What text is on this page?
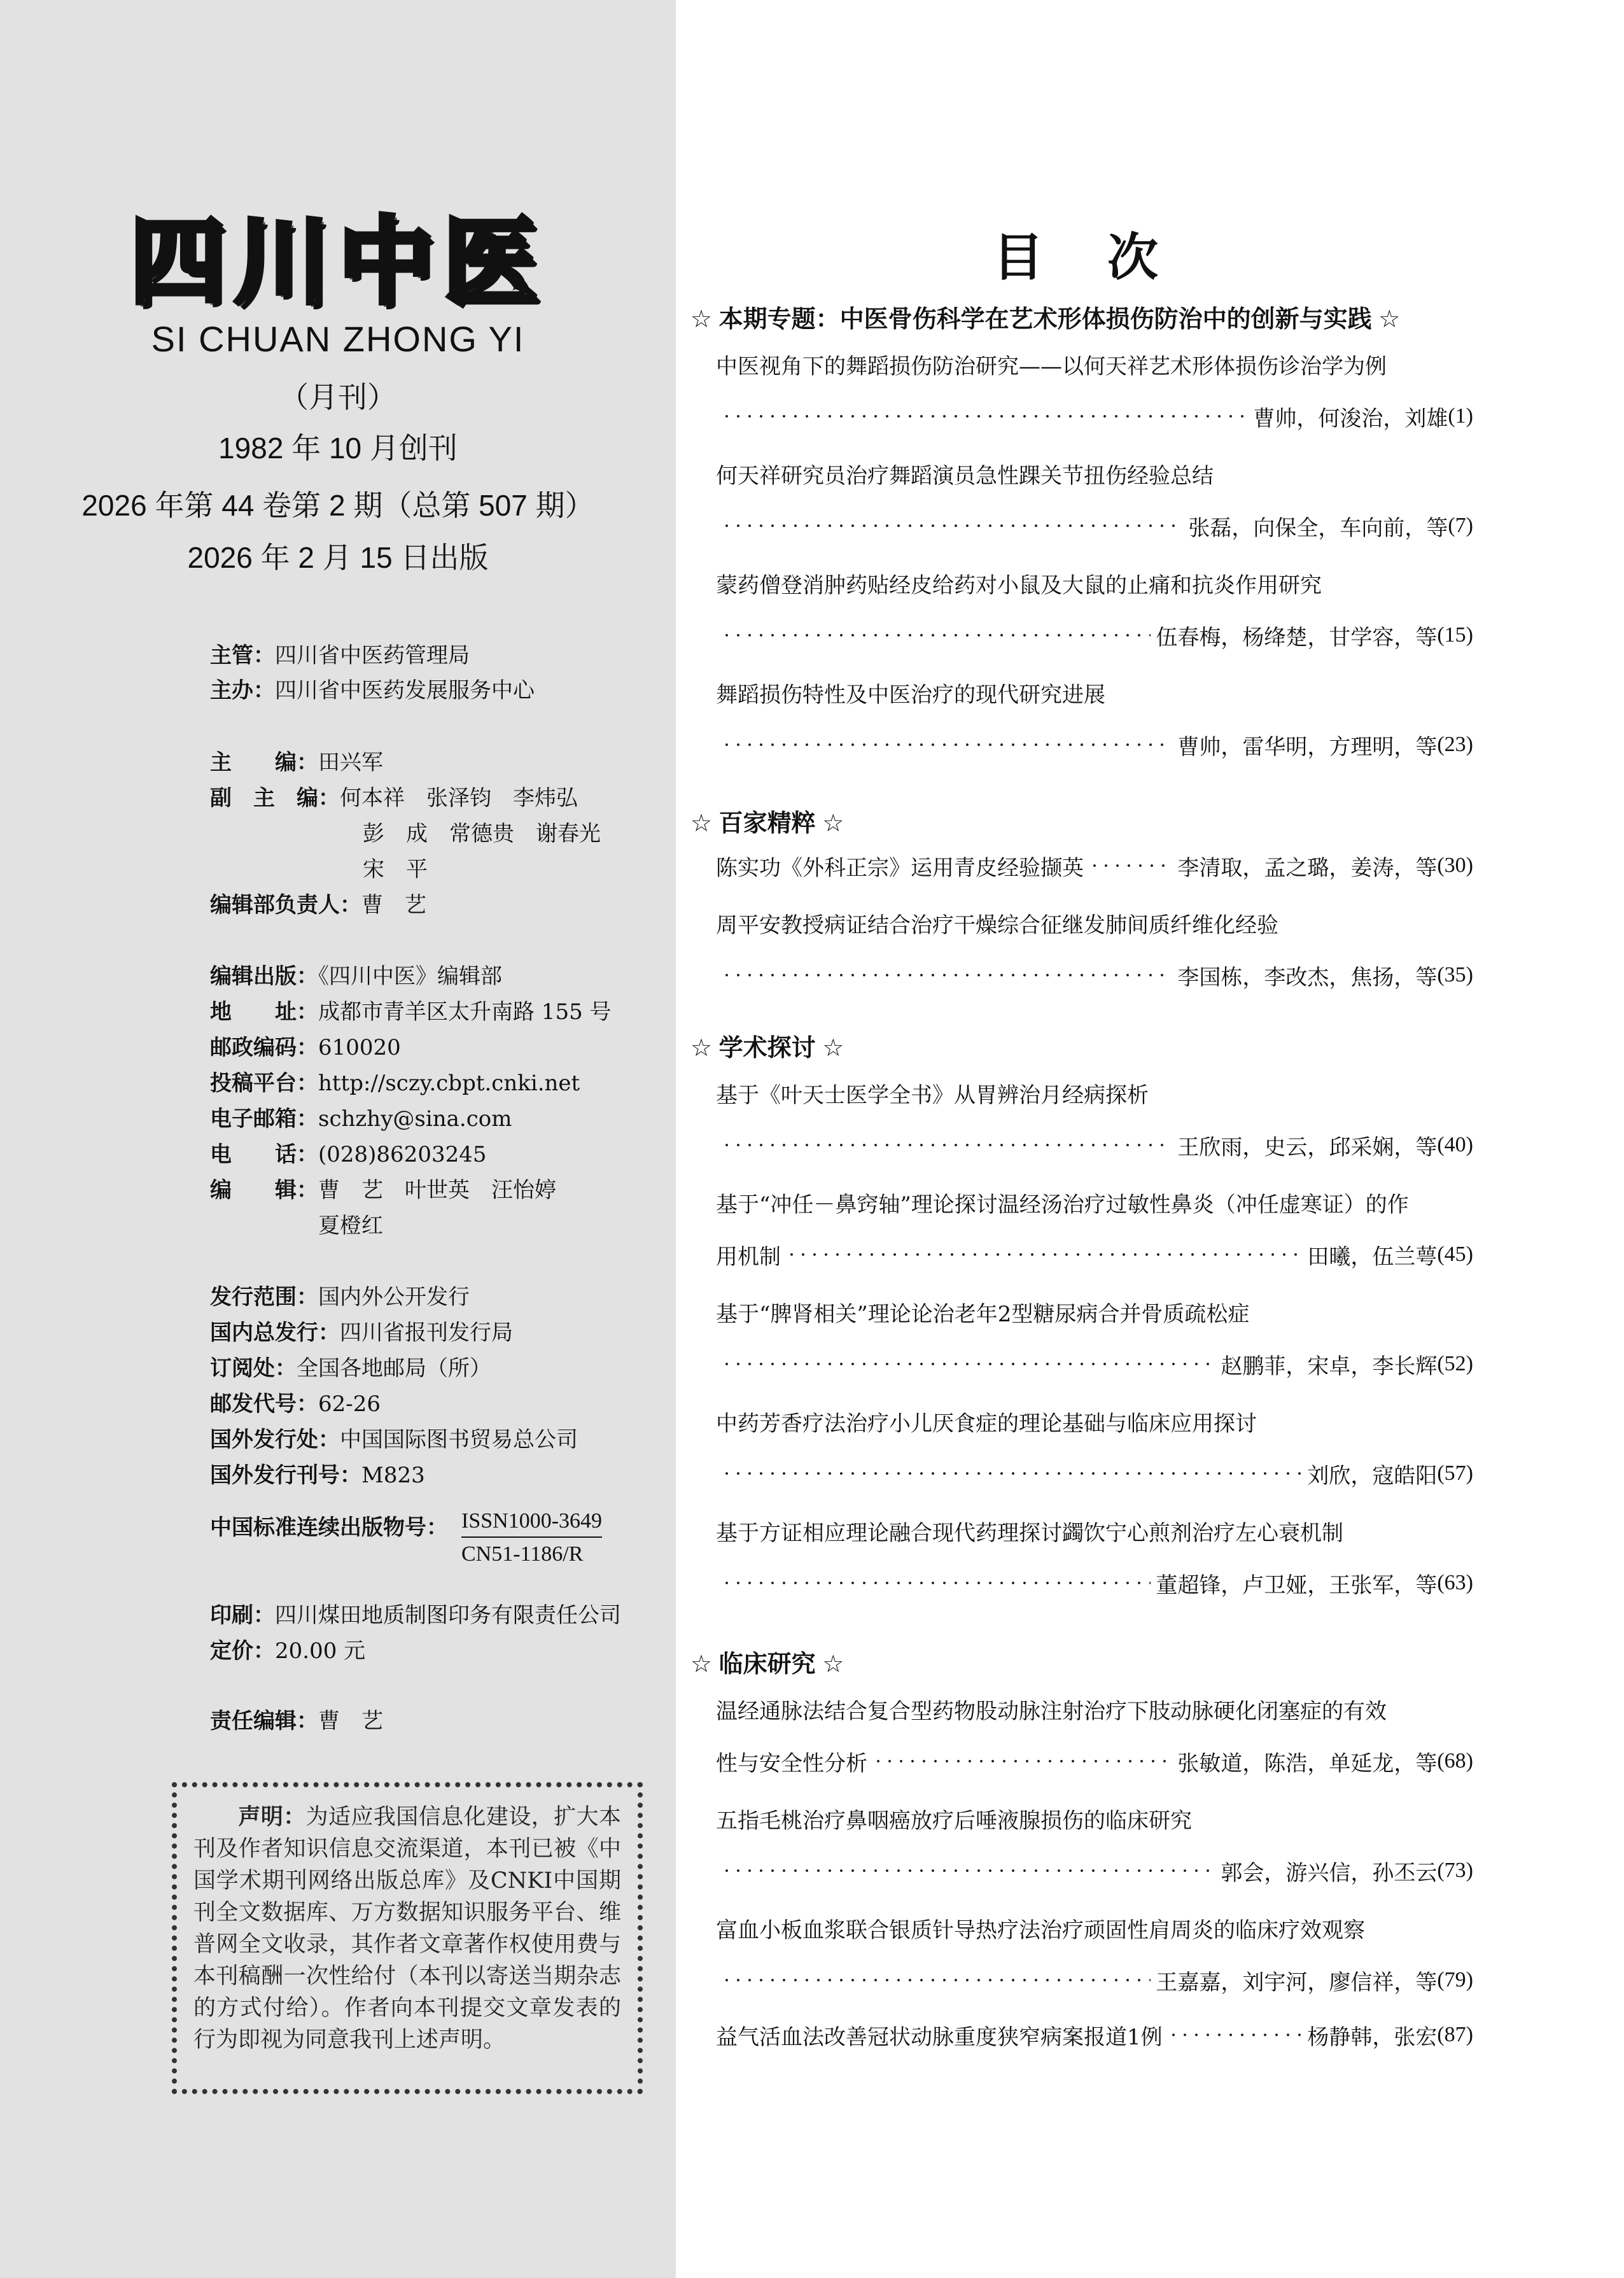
四川中医
SI CHUAN ZHONG YI
（月刊）
1982 年 10 月创刊
2026 年第 44 卷第 2 期（总第 507 期）
2026 年 2 月 15 日出版
主管：四川省中医药管理局
主办：四川省中医药发展服务中心
主　　编：田兴军
副　主　编：何本祥　张泽钧　李炜弘
彭　成　常德贵　谢春光
宋　平
编辑部负责人：曹　艺
编辑出版：《四川中医》编辑部
地　　址：成都市青羊区太升南路 155 号
邮政编码：610020
投稿平台：http://sczy.cbpt.cnki.net
电子邮箱：schzhy@sina.com
电　　话：(028)86203245
编　　辑：曹　艺　叶世英　汪怡婷
夏橙红
发行范围：国内外公开发行
国内总发行：四川省报刊发行局
订阅处：全国各地邮局（所）
邮发代号：62-26
国外发行处：中国国际图书贸易总公司
国外发行刊号：M823
中国标准连续出版物号： ISSN1000-3649
CN51-1186/R
印刷：四川煤田地质制图印务有限责任公司
定价：20.00 元
责任编辑：曹　艺
声明：为适应我国信息化建设，扩大本刊及作者知识信息交流渠道，本刊已被《中国学术期刊网络出版总库》及CNKI中国期刊全文数据库、万方数据知识服务平台、维普网全文收录，其作者文章著作权使用费与本刊稿酬一次性给付（本刊以寄送当期杂志的方式付给）。作者向本刊提交文章发表的行为即视为同意我刊上述声明。
目次
☆ 本期专题：中医骨伤科学在艺术形体损伤防治中的创新与实践 ☆
中医视角下的舞蹈损伤防治研究——以何天祥艺术形体损伤诊治学为例
曹帅，何浚治，刘雄 (1)
何天祥研究员治疗舞蹈演员急性踝关节扭伤经验总结
张磊，向保全，车向前，等 (7)
蒙药僧登消肿药贴经皮给药对小鼠及大鼠的止痛和抗炎作用研究
伍春梅，杨绛楚，甘学容，等 (15)
舞蹈损伤特性及中医治疗的现代研究进展
曹帅，雷华明，方理明，等 (23)
☆ 百家精粹 ☆
陈实功《外科正宗》运用青皮经验撷英	李清取，孟之璐，姜涛，等 (30)
周平安教授病证结合治疗干燥综合征继发肺间质纤维化经验
李国栋，李改杰，焦扬，等 (35)
☆ 学术探讨 ☆
基于《叶天士医学全书》从胃辨治月经病探析
王欣雨，史云，邱采娴，等 (40)
基于“冲任－鼻窍轴”理论探讨温经汤治疗过敏性鼻炎（冲任虚寒证）的作
用机制	田曦，伍兰萼 (45)
基于“脾肾相关”理论论治老年2型糖尿病合并骨质疏松症
赵鹏菲，宋卓，李长辉 (52)
中药芳香疗法治疗小儿厌食症的理论基础与临床应用探讨
刘欣，寇皓阳 (57)
基于方证相应理论融合现代药理探讨蠲饮宁心煎剂治疗左心衰机制
董超锋，卢卫娅，王张军，等 (63)
☆ 临床研究 ☆
温经通脉法结合复合型药物股动脉注射治疗下肢动脉硬化闭塞症的有效
性与安全性分析	张敏道，陈浩，单延龙，等 (68)
五指毛桃治疗鼻咽癌放疗后唾液腺损伤的临床研究
郭会，游兴信，孙丕云 (73)
富血小板血浆联合银质针导热疗法治疗顽固性肩周炎的临床疗效观察
王嘉嘉，刘宇河，廖信祥，等 (79)
益气活血法改善冠状动脉重度狭窄病案报道1例	杨静韩，张宏 (87)
